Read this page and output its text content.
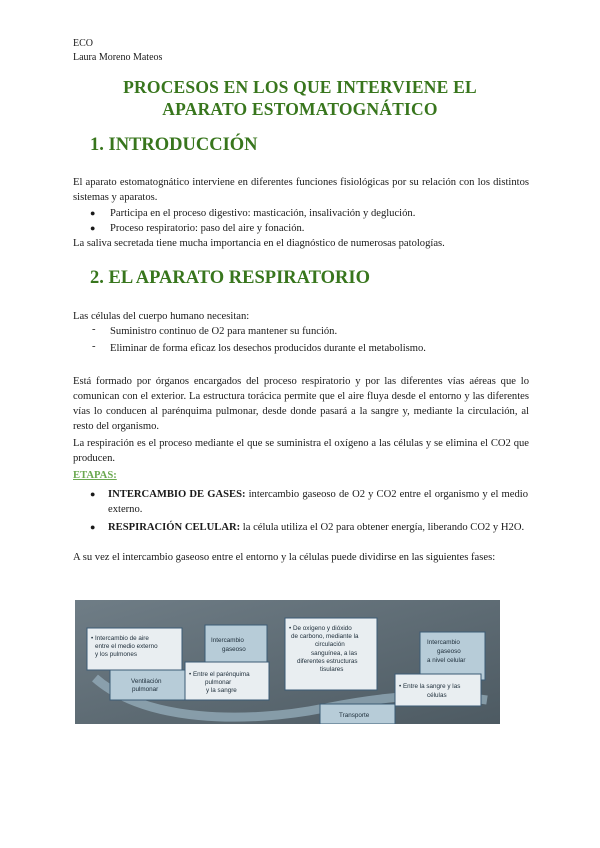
ECO
Laura Moreno Mateos
PROCESOS EN LOS QUE INTERVIENE EL
APARATO ESTOMATOGNÁTICO
1. INTRODUCCIÓN
El aparato estomatognático interviene en diferentes funciones fisiológicas por su relación con los distintos sistemas y aparatos.
● Participa en el proceso digestivo: masticación, insalivación y deglución.
● Proceso respiratorio: paso del aire y fonación.
La saliva secretada tiene mucha importancia en el diagnóstico de numerosas patologías.
2. EL APARATO RESPIRATORIO
Las células del cuerpo humano necesitan:
- Suministro continuo de O2 para mantener su función.
- Eliminar de forma eficaz los desechos producidos durante el metabolismo.
Está formado por órganos encargados del proceso respiratorio y por las diferentes vías aéreas que lo comunican con el exterior. La estructura torácica permite que el aire fluya desde el entorno y las diferentes vías lo conducen al parénquima pulmonar, desde donde pasará a la sangre y, mediante la circulación, al resto del organismo.
La respiración es el proceso mediante el que se suministra el oxígeno a las células y se elimina el CO2 que producen.
ETAPAS:
● INTERCAMBIO DE GASES: intercambio gaseoso de O2 y CO2 entre el organismo y el medio externo.
● RESPIRACIÓN CELULAR: la célula utiliza el O2 para obtener energía, liberando CO2 y H2O.
A su vez el intercambio gaseoso entre el entorno y la células puede dividirse en las siguientes fases:
• Intercambio de aire
entre el medio externo
y los pulmones
Ventilación
pulmonar
Intercambio
gaseoso
• Entre el parénquima
pulmonar
y la sangre
• De oxígeno y dióxido
de carbono, mediante la
circulación
sanguínea, a las
diferentes estructuras
tisulares
Transporte
Intercambio
gaseoso
a nivel celular
• Entre la sangre y las
células
